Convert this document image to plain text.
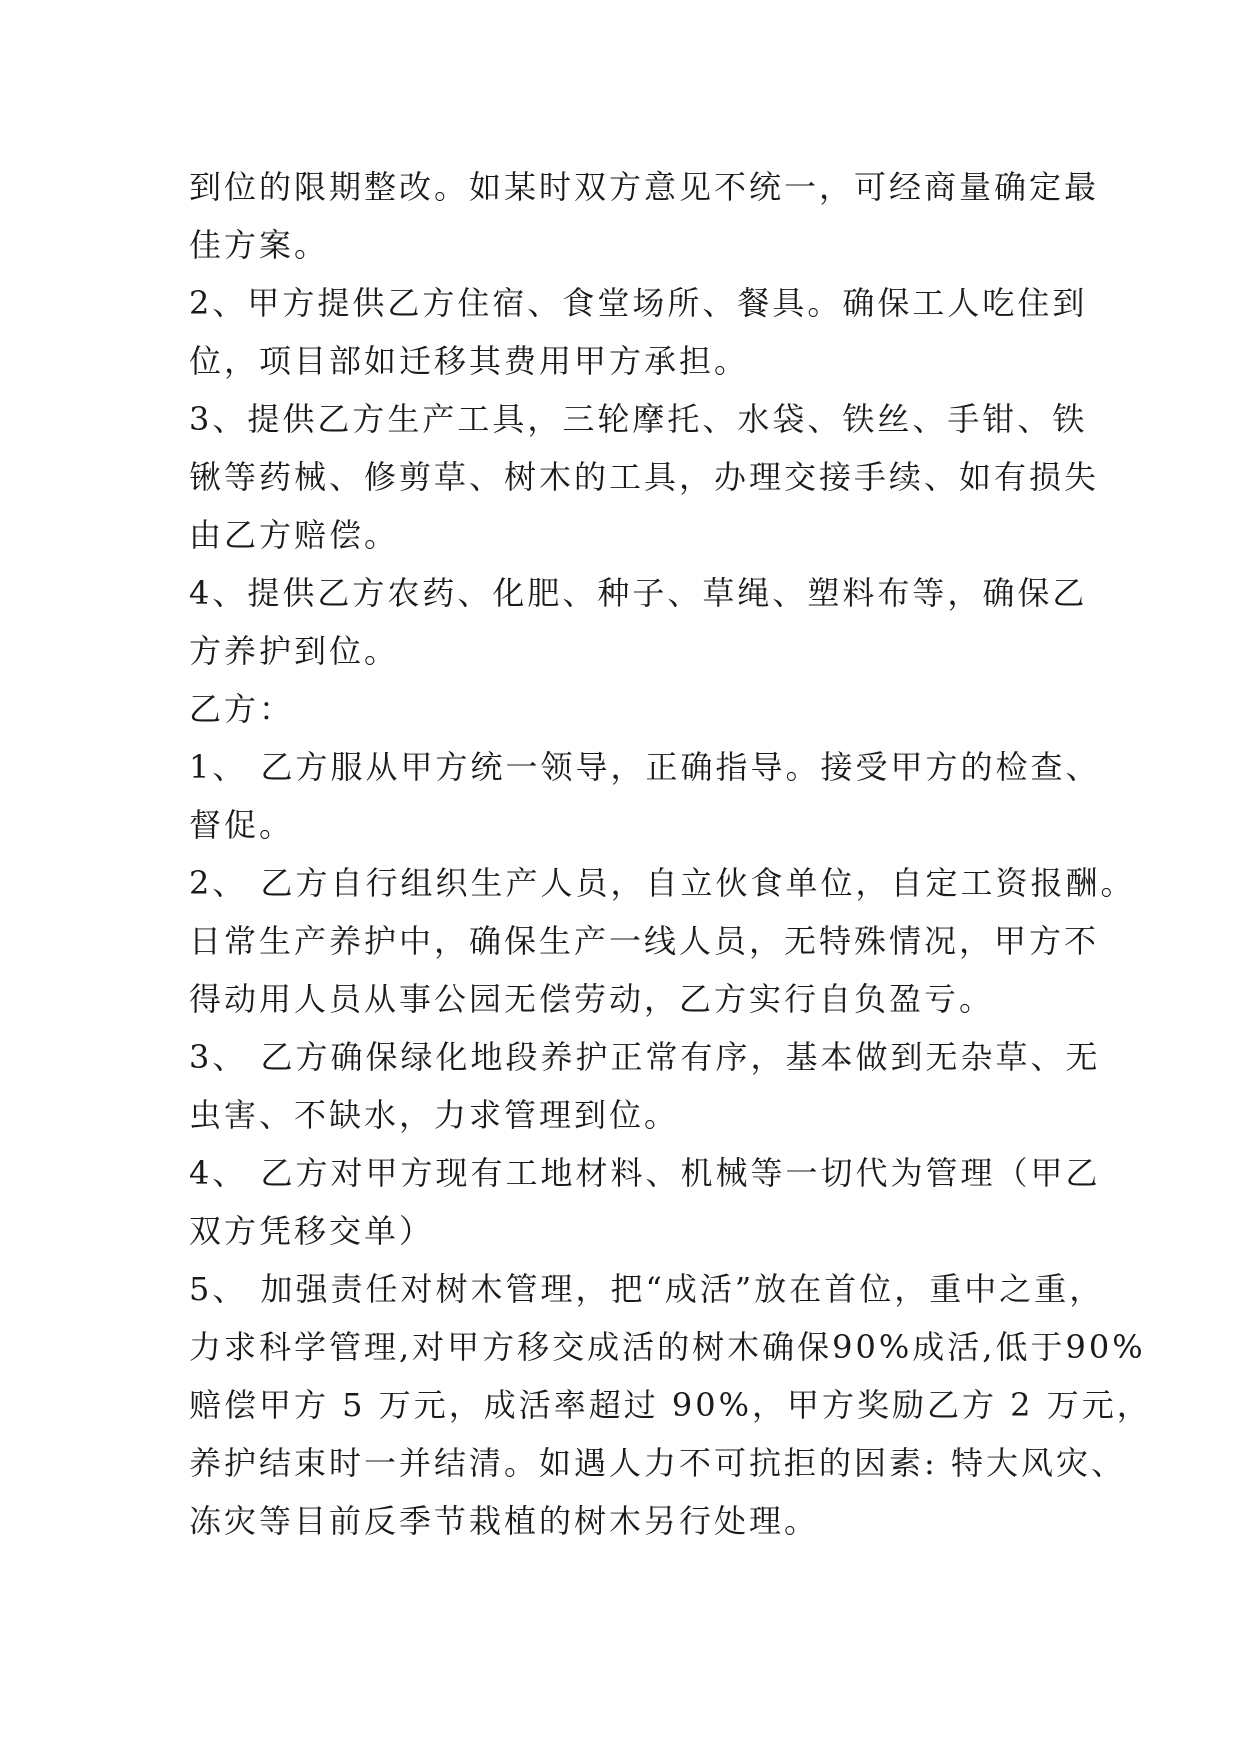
到位的限期整改。如某时双方意见不统一，可经商量确定最
佳方案。
2、甲方提供乙方住宿、食堂场所、餐具。确保工人吃住到
位，项目部如迁移其费用甲方承担。
3、提供乙方生产工具，三轮摩托、水袋、铁丝、手钳、铁
锹等药械、修剪草、树木的工具，办理交接手续、如有损失
由乙方赔偿。
4、提供乙方农药、化肥、种子、草绳、塑料布等，确保乙
方养护到位。
乙方：
1、 乙方服从甲方统一领导，正确指导。接受甲方的检查、
督促。
2、 乙方自行组织生产人员，自立伙食单位，自定工资报酬。
日常生产养护中，确保生产一线人员，无特殊情况，甲方不
得动用人员从事公园无偿劳动，乙方实行自负盈亏。
3、 乙方确保绿化地段养护正常有序，基本做到无杂草、无
虫害、不缺水，力求管理到位。
4、 乙方对甲方现有工地材料、机械等一切代为管理（甲乙
双方凭移交单）
5、 加强责任对树木管理，把“成活”放在首位，重中之重，
力求科学管理,对甲方移交成活的树木确保90%成活,低于90%
赔偿甲方 5 万元，成活率超过 90%，甲方奖励乙方 2 万元，
养护结束时一并结清。如遇人力不可抗拒的因素: 特大风灾、
冻灾等目前反季节栽植的树木另行处理。
